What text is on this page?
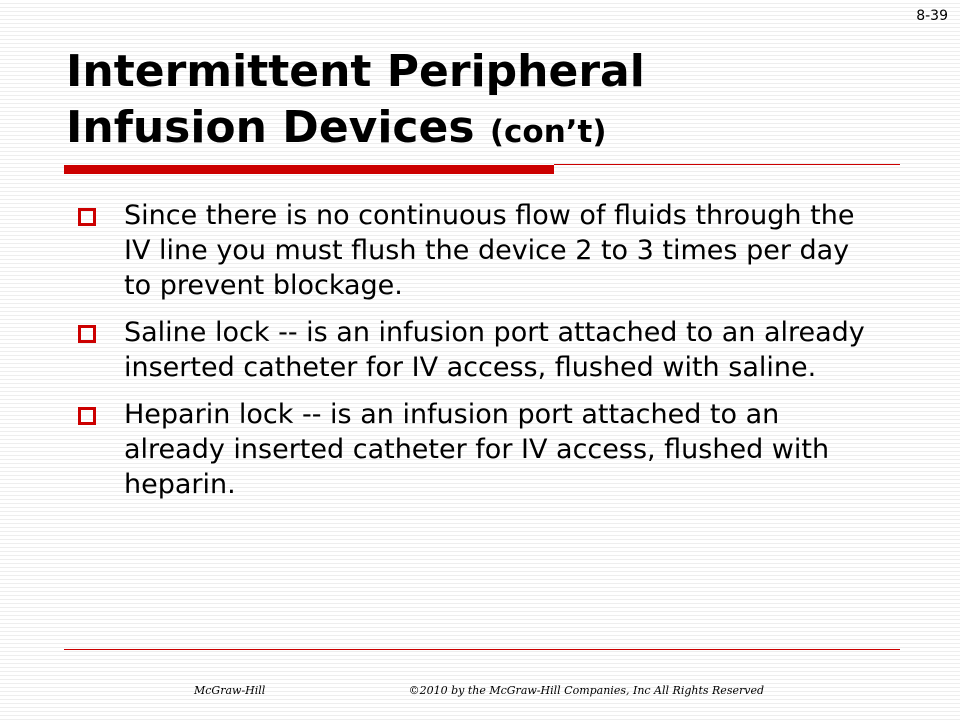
8-39
Intermittent Peripheral
Infusion Devices (con’t)
Since there is no continuous flow of fluids through the IV line you must flush the device 2 to 3 times per day to prevent blockage.
Saline lock -- is an infusion port attached to an already inserted catheter for IV access, flushed with saline.
Heparin lock -- is an infusion port attached to an already inserted catheter for IV access, flushed with heparin.
McGraw-Hill	©2010 by the McGraw-Hill Companies, Inc All Rights Reserved
